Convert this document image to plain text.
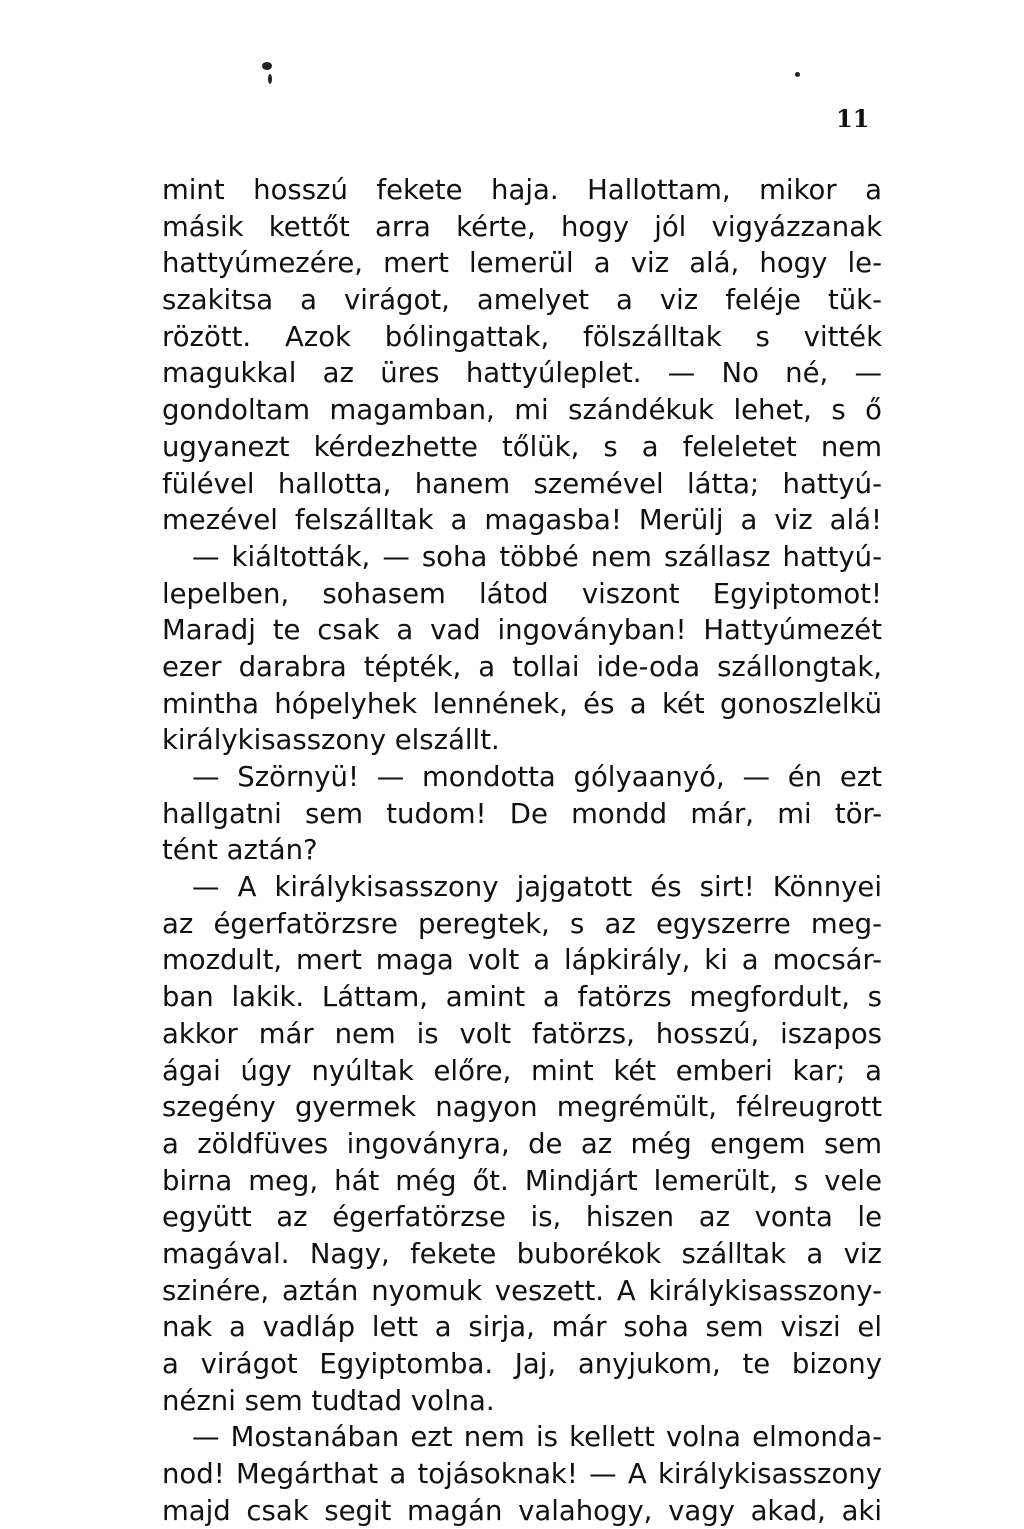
11
mint hosszú fekete haja. Hallottam, mikor a
másik kettőt arra kérte, hogy jól vigyázzanak
hattyúmezére, mert lemerül a viz alá, hogy le-
szakitsa a virágot, amelyet a viz feléje tük-
rözött. Azok bólingattak, fölszálltak s vitték
magukkal az üres hattyúleplet. — No né, —
gondoltam magamban, mi szándékuk lehet, s ő
ugyanezt kérdezhette tőlük, s a feleletet nem
fülével hallotta, hanem szemével látta; hattyú-
mezével felszálltak a magasba! Merülj a viz alá!
— kiáltották, — soha többé nem szállasz hattyú-
lepelben, sohasem látod viszont Egyiptomot!
Maradj te csak a vad ingoványban! Hattyúmezét
ezer darabra tépték, a tollai ide-oda szállongtak,
mintha hópelyhek lennének, és a két gonoszlelkü
királykisasszony elszállt.
— Szörnyü! — mondotta gólyaanyó, — én ezt
hallgatni sem tudom! De mondd már, mi tör-
tént aztán?
— A királykisasszony jajgatott és sirt! Könnyei
az égerfatörzsre peregtek, s az egyszerre meg-
mozdult, mert maga volt a lápkirály, ki a mocsár-
ban lakik. Láttam, amint a fatörzs megfordult, s
akkor már nem is volt fatörzs, hosszú, iszapos
ágai úgy nyúltak előre, mint két emberi kar; a
szegény gyermek nagyon megrémült, félreugrott
a zöldfüves ingoványra, de az még engem sem
birna meg, hát még őt. Mindjárt lemerült, s vele
együtt az égerfatörzse is, hiszen az vonta le
magával. Nagy, fekete buborékok szálltak a viz
szinére, aztán nyomuk veszett. A királykisasszony-
nak a vadláp lett a sirja, már soha sem viszi el
a virágot Egyiptomba. Jaj, anyjukom, te bizony
nézni sem tudtad volna.
— Mostanában ezt nem is kellett volna elmonda-
nod! Megárthat a tojásoknak! — A királykisasszony
majd csak segit magán valahogy, vagy akad, aki
